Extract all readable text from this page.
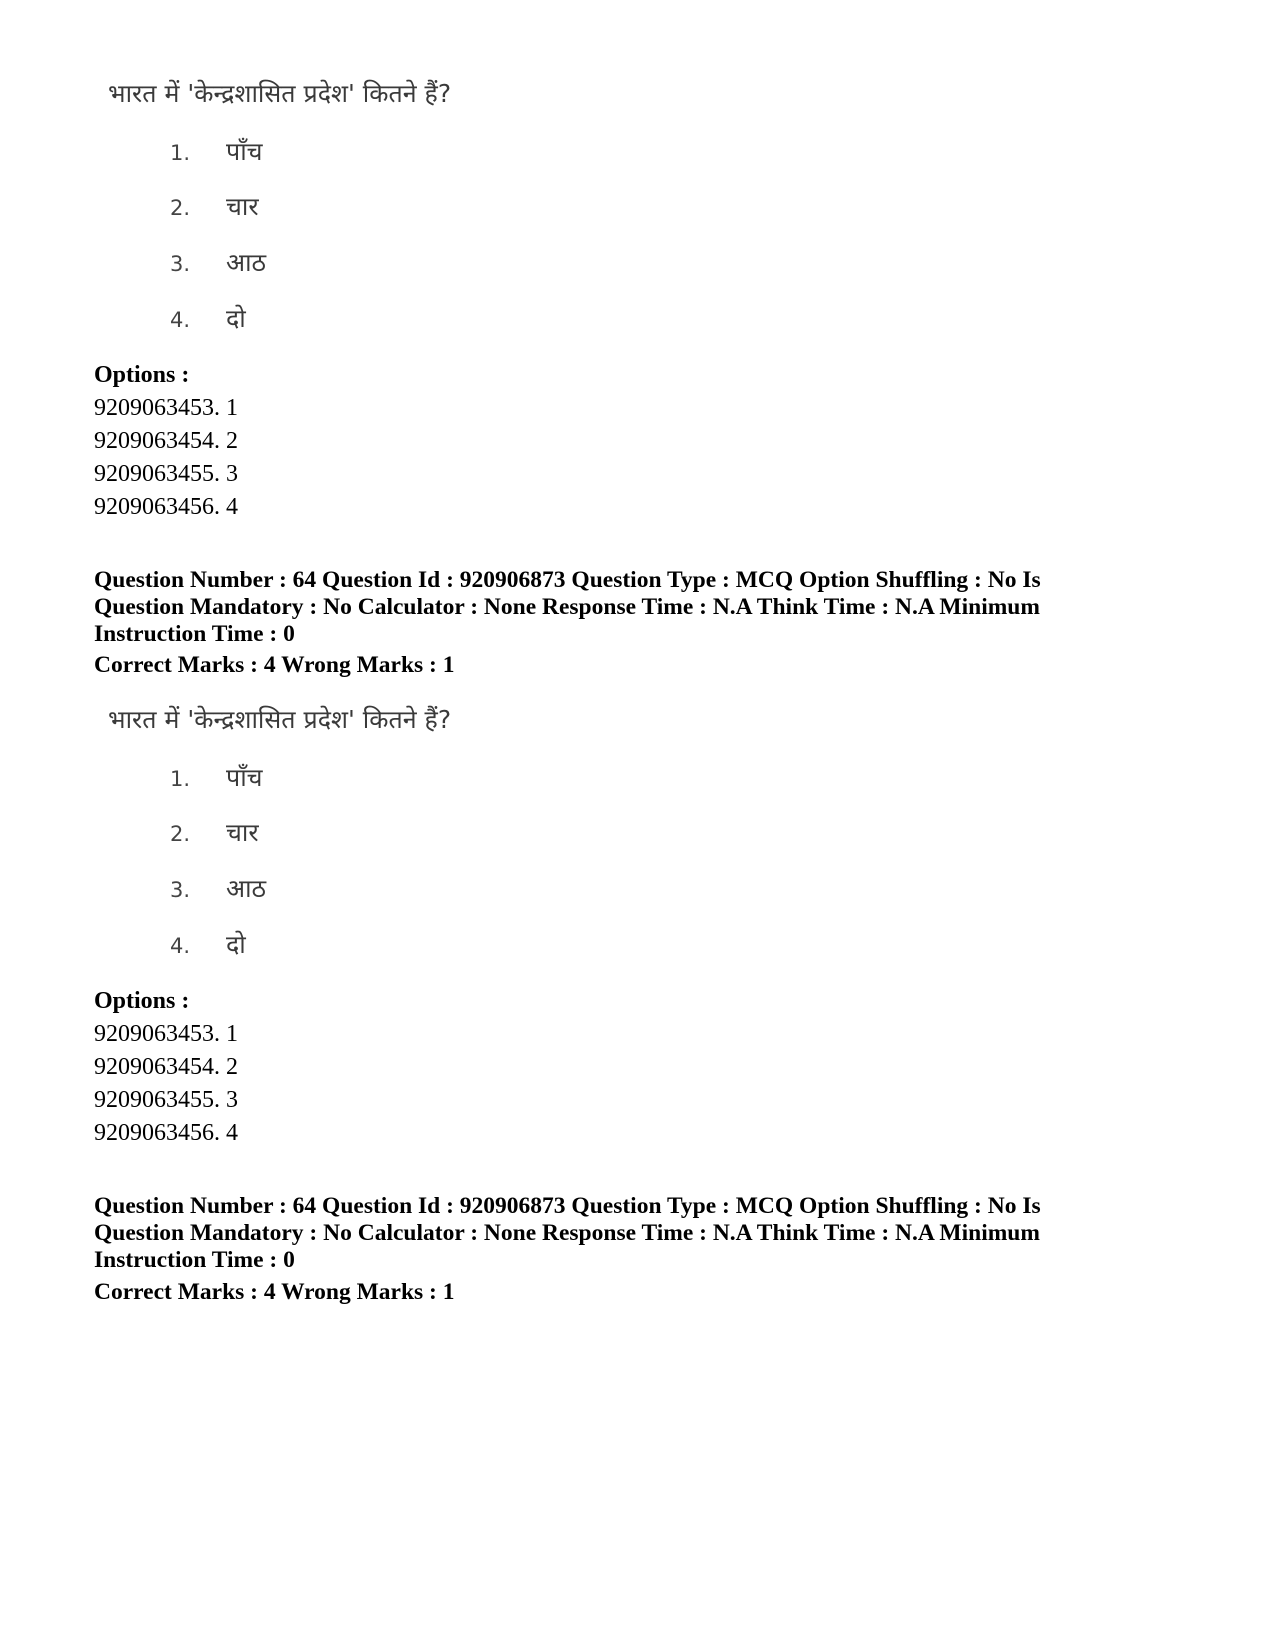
भारत में 'केन्द्रशासित प्रदेश' कितने हैं?
1. पाँच
2. चार
3. आठ
4. दो
Options :
9209063453. 1
9209063454. 2
9209063455. 3
9209063456. 4
Question Number : 64 Question Id : 920906873 Question Type : MCQ Option Shuffling : No Is
Question Mandatory : No Calculator : None Response Time : N.A Think Time : N.A Minimum
Instruction Time : 0
Correct Marks : 4 Wrong Marks : 1
भारत में 'केन्द्रशासित प्रदेश' कितने हैं?
1. पाँच
2. चार
3. आठ
4. दो
Options :
9209063453. 1
9209063454. 2
9209063455. 3
9209063456. 4
Question Number : 64 Question Id : 920906873 Question Type : MCQ Option Shuffling : No Is
Question Mandatory : No Calculator : None Response Time : N.A Think Time : N.A Minimum
Instruction Time : 0
Correct Marks : 4 Wrong Marks : 1
